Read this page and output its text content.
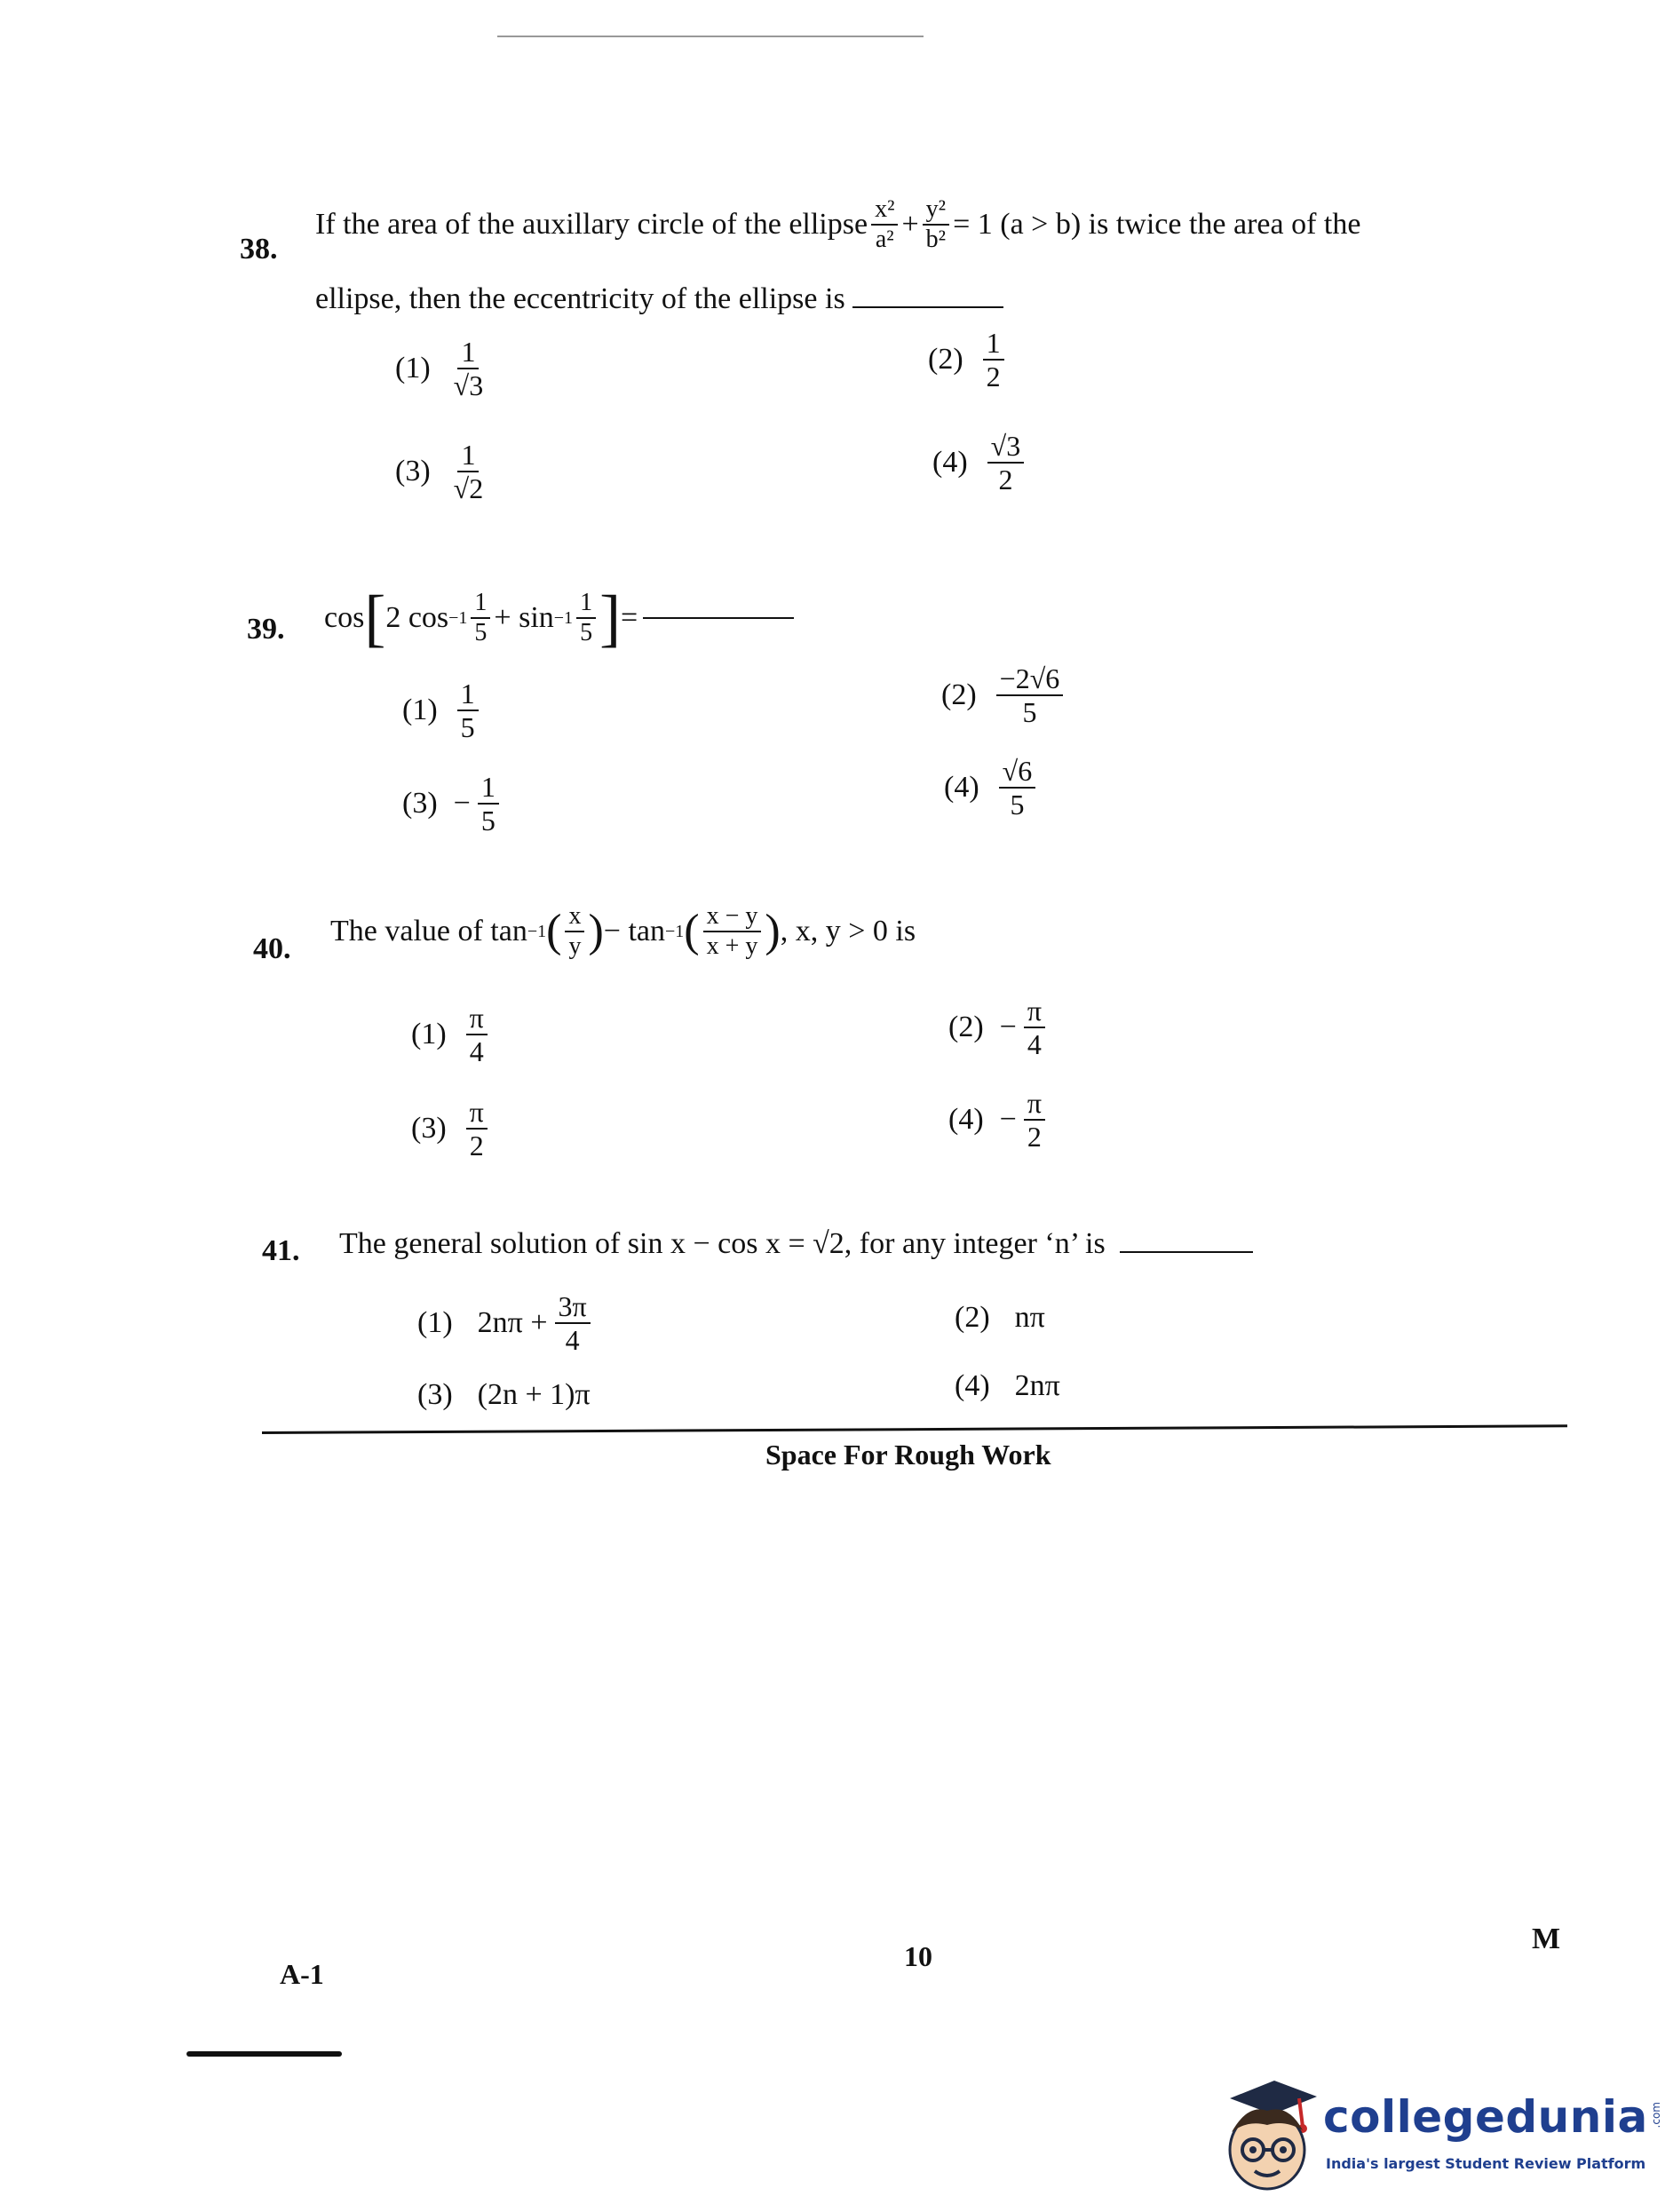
38.
If the area of the auxillary circle of the ellipse $\frac{\text{x²}}{\text{a²}} + \frac{\text{y²}}{\text{b²}} = 1$ (a > b) is twice the area of the
ellipse, then the eccentricity of the ellipse is
$(1) \frac{1}{√3}$	$(2) \frac{1}{2}$
$(3) \frac{1}{√2}$	$(4) \frac{√3}{2}$
39. cos [ 2 $\cos -1 \frac{1}{5} + \sin -1 \frac{1}{5}$ ] =
$(1) \frac{1}{5}$	$(2) \frac{-2√6}{5}$
$(3) - \frac{1}{5}$	$(4) \frac{√6}{5}$
40.
The value of tan −1 ( $\frac{x}{y}$ ) − tan −1 ( $\frac{x - y}{x + y}$ ) , x, y > 0 is
$(1) \frac{\pi}{4}$	$(2) - \frac{\pi}{4}$
$(3) \frac{\pi}{2}$	$(4) - \frac{\pi}{2}$
41. The general solution of sin x − cos x = √2, for any integer ‘n’ is
(1) $2n\pi + \frac{3\pi}{4}$	(2) nπ
(3) (2n + 1)π	(4) 2nπ
Space For Rough Work
A-1
10
M
collegedunia .com
India's largest Student Review Platform
